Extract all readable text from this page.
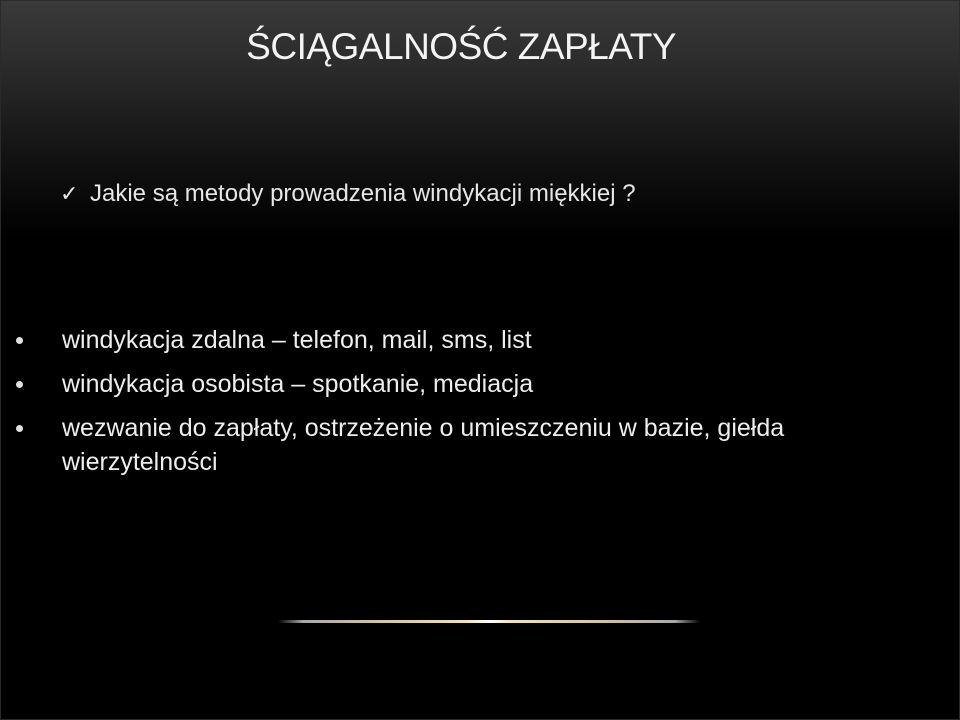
ŚCIĄGALNOŚĆ ZAPŁATY
✓ Jakie są metody prowadzenia windykacji miękkiej ?
windykacja zdalna – telefon, mail, sms, list
windykacja osobista – spotkanie, mediacja
wezwanie do zapłaty, ostrzeżenie o umieszczeniu w bazie, giełda wierzytelności
